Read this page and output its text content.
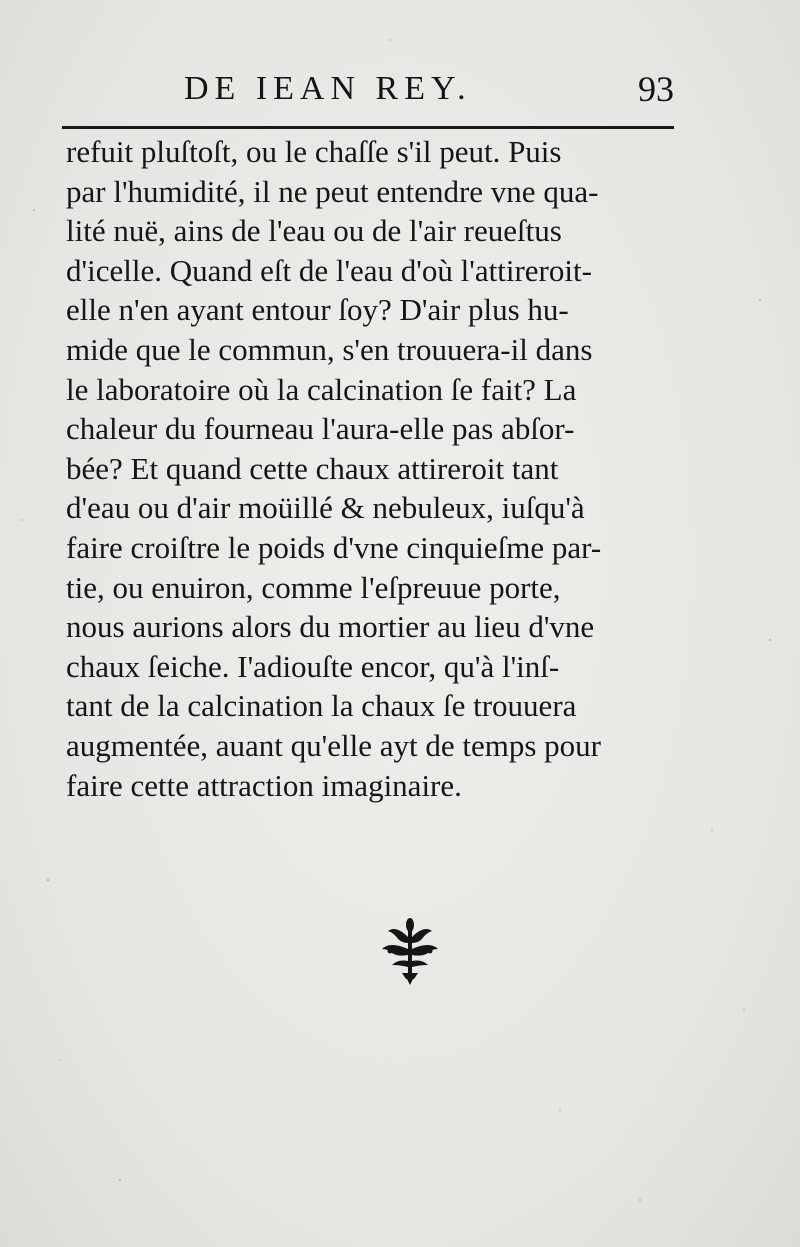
DE IEAN REY.	93
refuit pluſtoſt, ou le chaſſe s'il peut. Puis
par l'humidité, il ne peut entendre vne qua-
lité nuë, ains de l'eau ou de l'air reueſtus
d'icelle. Quand eſt de l'eau d'où l'attireroit-
elle n'en ayant entour ſoy? D'air plus hu-
mide que le commun, s'en trouuera-il dans
le laboratoire où la calcination ſe fait? La
chaleur du fourneau l'aura-elle pas abſor-
bée? Et quand cette chaux attireroit tant
d'eau ou d'air moüillé & nebuleux, iuſqu'à
faire croiſtre le poids d'vne cinquieſme par-
tie, ou enuiron, comme l'eſpreuue porte,
nous aurions alors du mortier au lieu d'vne
chaux ſeiche. I'adiouſte encor, qu'à l'inſ-
tant de la calcination la chaux ſe trouuera
augmentée, auant qu'elle ayt de temps pour
faire cette attraction imaginaire.
